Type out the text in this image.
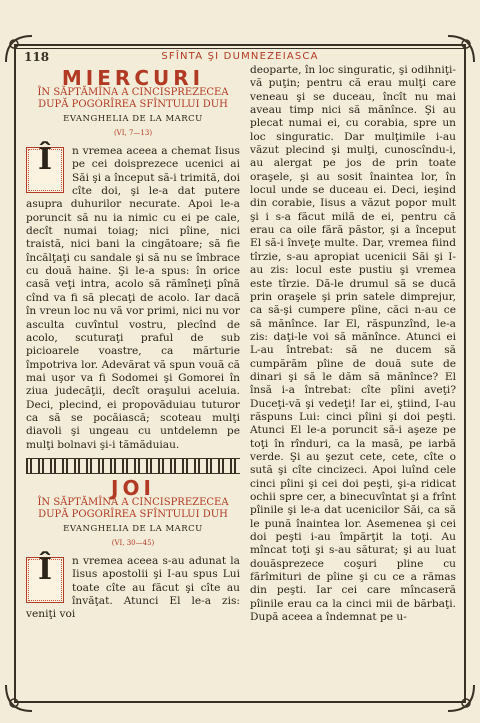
118	SFÎNTA ŞI DUMNEZEIASCA
MIERCURI
ÎN SĂPTĂMÎNA A CINCISPREZECEA
DUPĂ POGORÎREA SFÎNTULUI DUH
EVANGHELIA DE LA MARCU
(VI, 7—13)
Î	n vremea aceea a chemat Iisus pe cei doisprezece ucenici ai Săi şi a început să-i trimită, doi cîte doi, şi le-a dat putere asupra duhurilor necurate. Apoi le-a poruncit să nu ia nimic cu ei pe cale, decît numai toiag; nici pîine, nici traistă, nici bani la cingătoare; să fie încălţaţi cu sandale şi să nu se îmbrace cu două haine. Şi le-a spus: în orice casă veţi intra, acolo să rămîneţi pînă cînd va fi să plecaţi de acolo. Iar dacă în vreun loc nu vă vor primi, nici nu vor asculta cuvîntul vostru, plecînd de acolo, scuturaţi praful de sub picioarele voastre, ca mărturie împotriva lor. Adevărat vă spun vouă că mai uşor va fi Sodomei şi Gomorei în ziua judecăţii, decît oraşului aceluia. Deci, plecind, ei propovăduiau tuturor ca să se pocăiască; scoteau mulţi diavoli şi ungeau cu untdelemn pe mulţi bolnavi şi-i tămăduiau.

JOI
ÎN SĂPTĂMÎNA A CINCISPREZECEA
DUPĂ POGORÎREA SFÎNTULUI DUH
EVANGHELIA DE LA MARCU
(VI, 30—45)
Î	n vremea aceea s-au adunat la Iisus apostolii şi I-au spus Lui toate cîte au făcut şi cîte au învăţat. Atunci El le-a zis: veniţi voi

deoparte, în loc singuratic, şi odihniţi-vă puţin; pentru că erau mulţi care veneau şi se duceau, încît nu mai aveau timp nici să mănînce. Şi au plecat numai ei, cu corabia, spre un loc singuratic. Dar mulţimile i-au văzut plecind şi mulţi, cunoscîndu-i, au alergat pe jos de prin toate oraşele, şi au sosit înaintea lor, în locul unde se duceau ei. Deci, ieşind din corabie, Iisus a văzut popor mult şi i s-a făcut milă de ei, pentru că erau ca oile fără păstor, şi a început El să-i înveţe multe. Dar, vremea fiind tîrzie, s-au apropiat ucenicii Săi şi I-au zis: locul este pustiu şi vremea este tîrzie. Dă-le drumul să se ducă prin oraşele şi prin satele dimprejur, ca să-şi cumpere pîine, căci n-au ce să mănînce. Iar El, răspunzînd, le-a zis: daţi-le voi să mănînce. Atunci ei L-au întrebat: să ne ducem să cumpărăm pîine de două sute de dinari şi să le dăm să mănînce? El însă i-a întrebat: cîte pîini aveţi? Duceţi-vă şi vedeţi! Iar ei, ştiind, I-au răspuns Lui: cinci pîini şi doi peşti. Atunci El le-a poruncit să-i aşeze pe toţi în rînduri, ca la masă, pe iarbă verde. Şi au şezut cete, cete, cîte o sută şi cîte cincizeci. Apoi luînd cele cinci pîini şi cei doi peşti, şi-a ridicat ochii spre cer, a binecuvîntat şi a frînt pîinile şi le-a dat ucenicilor Săi, ca să le pună înaintea lor. Asemenea şi cei doi peşti i-au împărţit la toţi. Au mîncat toţi şi s-au săturat; şi au luat douăsprezece coşuri pline cu fărîmituri de pîine şi cu ce a rămas din peşti. Iar cei care mîncaseră pîinile erau ca la cinci mii de bărbaţi. După aceea a îndemnat pe u-
